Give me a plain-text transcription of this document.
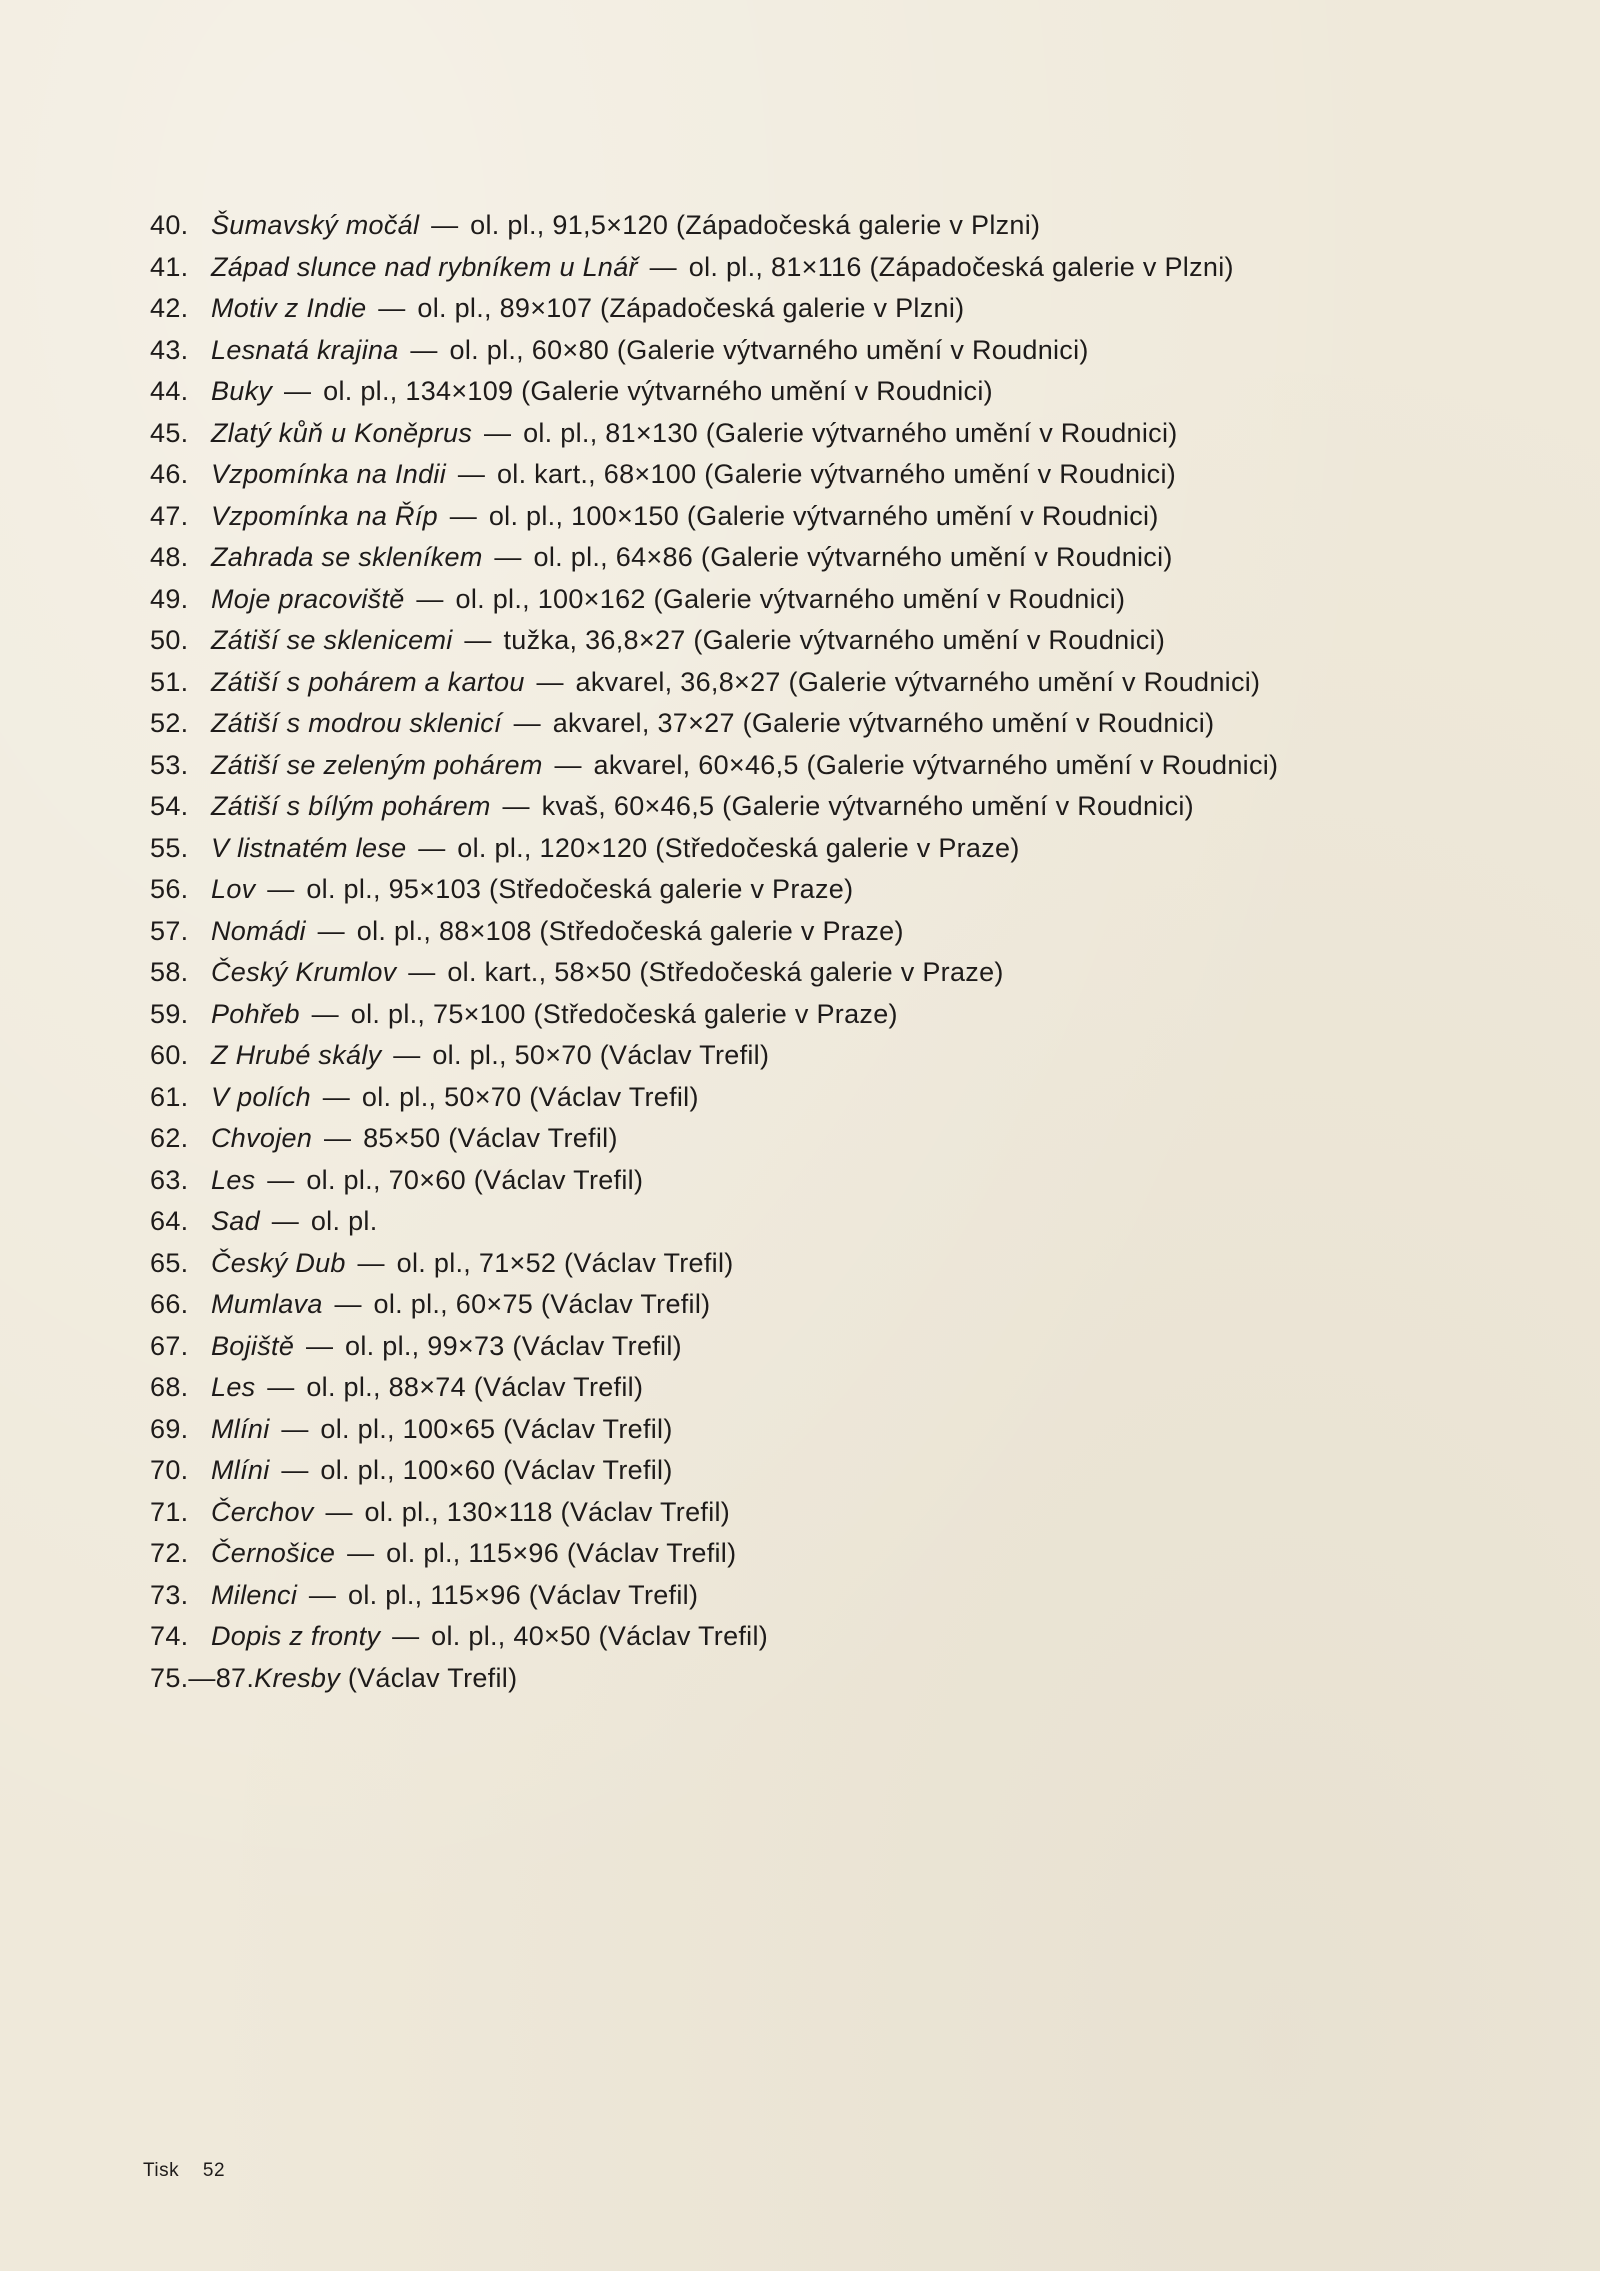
40. Šumavský močál — ol. pl., 91,5×120 (Západočeská galerie v Plzni)
41. Západ slunce nad rybníkem u Lnář — ol. pl., 81×116 (Západočeská galerie v Plzni)
42. Motiv z Indie — ol. pl., 89×107 (Západočeská galerie v Plzni)
43. Lesnatá krajina — ol. pl., 60×80 (Galerie výtvarného umění v Roudnici)
44. Buky — ol. pl., 134×109 (Galerie výtvarného umění v Roudnici)
45. Zlatý kůň u Koněprus — ol. pl., 81×130 (Galerie výtvarného umění v Roudnici)
46. Vzpomínka na Indii — ol. kart., 68×100 (Galerie výtvarného umění v Roudnici)
47. Vzpomínka na Říp — ol. pl., 100×150 (Galerie výtvarného umění v Roudnici)
48. Zahrada se skleníkem — ol. pl., 64×86 (Galerie výtvarného umění v Roudnici)
49. Moje pracoviště — ol. pl., 100×162 (Galerie výtvarného umění v Roudnici)
50. Zátiší se sklenicemi — tužka, 36,8×27 (Galerie výtvarného umění v Roudnici)
51. Zátiší s pohárem a kartou — akvarel, 36,8×27 (Galerie výtvarného umění v Roudnici)
52. Zátiší s modrou sklenicí — akvarel, 37×27 (Galerie výtvarného umění v Roudnici)
53. Zátiší se zeleným pohárem — akvarel, 60×46,5 (Galerie výtvarného umění v Roudnici)
54. Zátiší s bílým pohárem — kvaš, 60×46,5 (Galerie výtvarného umění v Roudnici)
55. V listnatém lese — ol. pl., 120×120 (Středočeská galerie v Praze)
56. Lov — ol. pl., 95×103 (Středočeská galerie v Praze)
57. Nomádi — ol. pl., 88×108 (Středočeská galerie v Praze)
58. Český Krumlov — ol. kart., 58×50 (Středočeská galerie v Praze)
59. Pohřeb — ol. pl., 75×100 (Středočeská galerie v Praze)
60. Z Hrubé skály — ol. pl., 50×70 (Václav Trefil)
61. V polích — ol. pl., 50×70 (Václav Trefil)
62. Chvojen — 85×50 (Václav Trefil)
63. Les — ol. pl., 70×60 (Václav Trefil)
64. Sad — ol. pl.
65. Český Dub — ol. pl., 71×52 (Václav Trefil)
66. Mumlava — ol. pl., 60×75 (Václav Trefil)
67. Bojiště — ol. pl., 99×73 (Václav Trefil)
68. Les — ol. pl., 88×74 (Václav Trefil)
69. Mlíni — ol. pl., 100×65 (Václav Trefil)
70. Mlíni — ol. pl., 100×60 (Václav Trefil)
71. Čerchov — ol. pl., 130×118 (Václav Trefil)
72. Černošice — ol. pl., 115×96 (Václav Trefil)
73. Milenci — ol. pl., 115×96 (Václav Trefil)
74. Dopis z fronty — ol. pl., 40×50 (Václav Trefil)
75.—87. Kresby (Václav Trefil)
Tisk 52
